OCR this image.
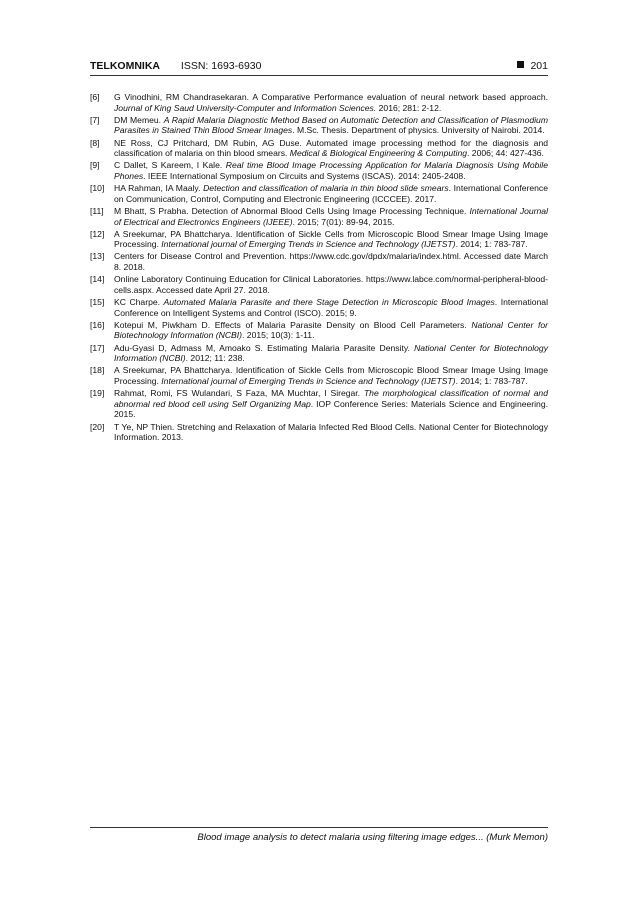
TELKOMNIKA ISSN: 1693-6930	201
[6] G Vinodhini, RM Chandrasekaran. A Comparative Performance evaluation of neural network based approach. Journal of King Saud University-Computer and Information Sciences. 2016; 281: 2-12.
[7] DM Memeu. A Rapid Malaria Diagnostic Method Based on Automatic Detection and Classification of Plasmodium Parasites in Stained Thin Blood Smear Images. M.Sc. Thesis. Department of physics. University of Nairobi. 2014.
[8] NE Ross, CJ Pritchard, DM Rubin, AG Duse. Automated image processing method for the diagnosis and classification of malaria on thin blood smears. Medical & Biological Engineering & Computing. 2006; 44: 427-436.
[9] C Dallet, S Kareem, I Kale. Real time Blood Image Processing Application for Malaria Diagnosis Using Mobile Phones. IEEE International Symposium on Circuits and Systems (ISCAS). 2014: 2405-2408.
[10] HA Rahman, IA Maaly. Detection and classification of malaria in thin blood slide smears. International Conference on Communication, Control, Computing and Electronic Engineering (ICCCEE). 2017.
[11] M Bhatt, S Prabha. Detection of Abnormal Blood Cells Using Image Processing Technique. International Journal of Electrical and Electronics Engineers (IJEEE). 2015; 7(01): 89-94, 2015.
[12] A Sreekumar, PA Bhattcharya. Identification of Sickle Cells from Microscopic Blood Smear Image Using Image Processing. International journal of Emerging Trends in Science and Technology (IJETST). 2014; 1: 783-787.
[13] Centers for Disease Control and Prevention. https://www.cdc.gov/dpdx/malaria/index.html. Accessed date March 8. 2018.
[14] Online Laboratory Continuing Education for Clinical Laboratories. https://www.labce.com/normal-peripheral-blood-cells.aspx. Accessed date April 27. 2018.
[15] KC Charpe. Automated Malaria Parasite and there Stage Detection in Microscopic Blood Images. International Conference on Intelligent Systems and Control (ISCO). 2015; 9.
[16] Kotepui M, Piwkham D. Effects of Malaria Parasite Density on Blood Cell Parameters. National Center for Biotechnology Information (NCBI). 2015; 10(3): 1-11.
[17] Adu-Gyasi D, Admass M, Amoako S. Estimating Malaria Parasite Density. National Center for Biotechnology Information (NCBI). 2012; 11: 238.
[18] A Sreekumar, PA Bhattcharya. Identification of Sickle Cells from Microscopic Blood Smear Image Using Image Processing. International journal of Emerging Trends in Science and Technology (IJETST). 2014; 1: 783-787.
[19] Rahmat, Romi, FS Wulandari, S Faza, MA Muchtar, I Siregar. The morphological classification of normal and abnormal red blood cell using Self Organizing Map. IOP Conference Series: Materials Science and Engineering. 2015.
[20] T Ye, NP Thien. Stretching and Relaxation of Malaria Infected Red Blood Cells. National Center for Biotechnology Information. 2013.
Blood image analysis to detect malaria using filtering image edges... (Murk Memon)
